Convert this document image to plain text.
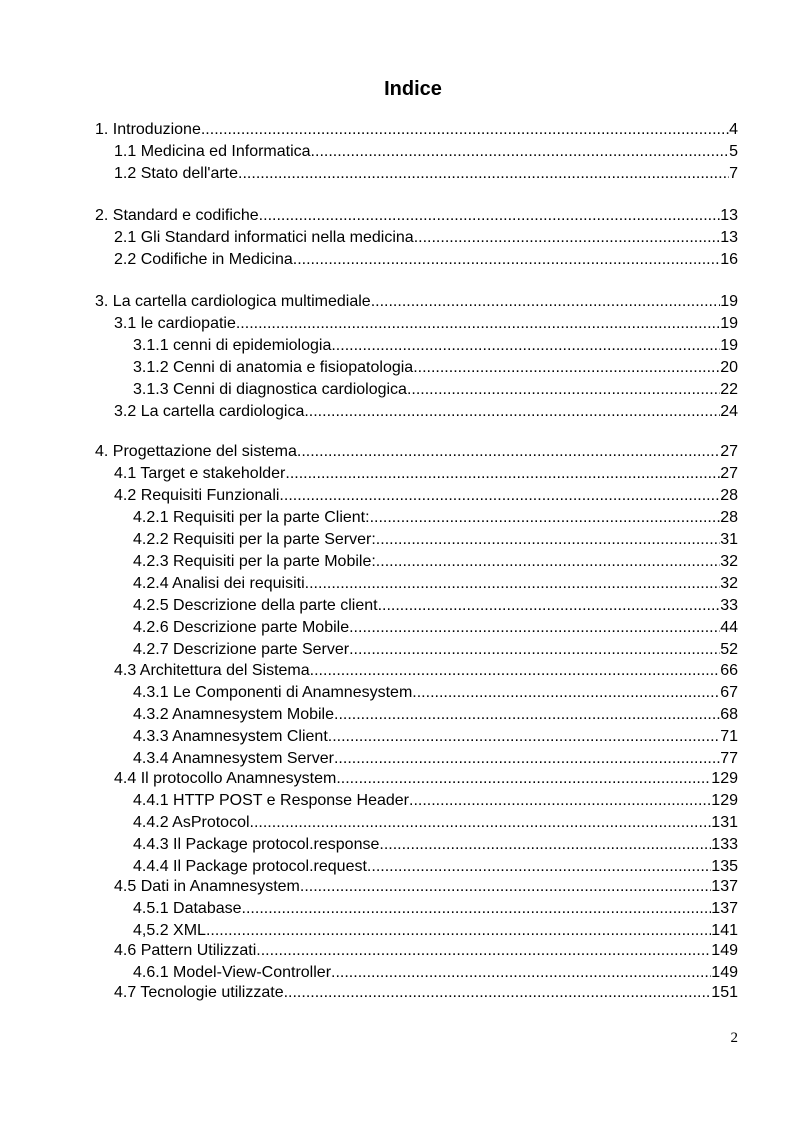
Indice
1. Introduzione .....	4
1.1 Medicina ed Informatica .....	5
1.2 Stato dell'arte .....	7
2. Standard e codifiche .....	13
2.1 Gli Standard informatici nella medicina .....	13
2.2 Codifiche in Medicina .....	16
3. La cartella cardiologica multimediale .....	19
3.1 le cardiopatie .....	19
3.1.1 cenni di epidemiologia .....	19
3.1.2 Cenni di anatomia e fisiopatologia .....	20
3.1.3 Cenni di diagnostica cardiologica .....	22
3.2 La cartella cardiologica .....	24
4. Progettazione del sistema .....	27
4.1 Target e stakeholder .....	27
4.2 Requisiti Funzionali .....	28
4.2.1 Requisiti per la parte Client: .....	28
4.2.2 Requisiti per la parte Server: .....	31
4.2.3 Requisiti per la parte Mobile: .....	32
4.2.4 Analisi dei requisiti .....	32
4.2.5 Descrizione della parte client .....	33
4.2.6 Descrizione parte Mobile .....	44
4.2.7 Descrizione parte Server .....	52
4.3 Architettura del Sistema .....	66
4.3.1 Le Componenti di Anamnesystem .....	67
4.3.2 Anamnesystem Mobile .....	68
4.3.3 Anamnesystem Client .....	71
4.3.4 Anamnesystem Server .....	77
4.4 Il protocollo Anamnesystem .....	129
4.4.1 HTTP POST e Response Header .....	129
4.4.2 AsProtocol .....	131
4.4.3 Il Package protocol.response .....	133
4.4.4 Il Package protocol.request .....	135
4.5 Dati in Anamnesystem .....	137
4.5.1 Database .....	137
4,5.2 XML .....	141
4.6 Pattern Utilizzati .....	149
4.6.1 Model-View-Controller .....	149
4.7 Tecnologie utilizzate .....	151
2
